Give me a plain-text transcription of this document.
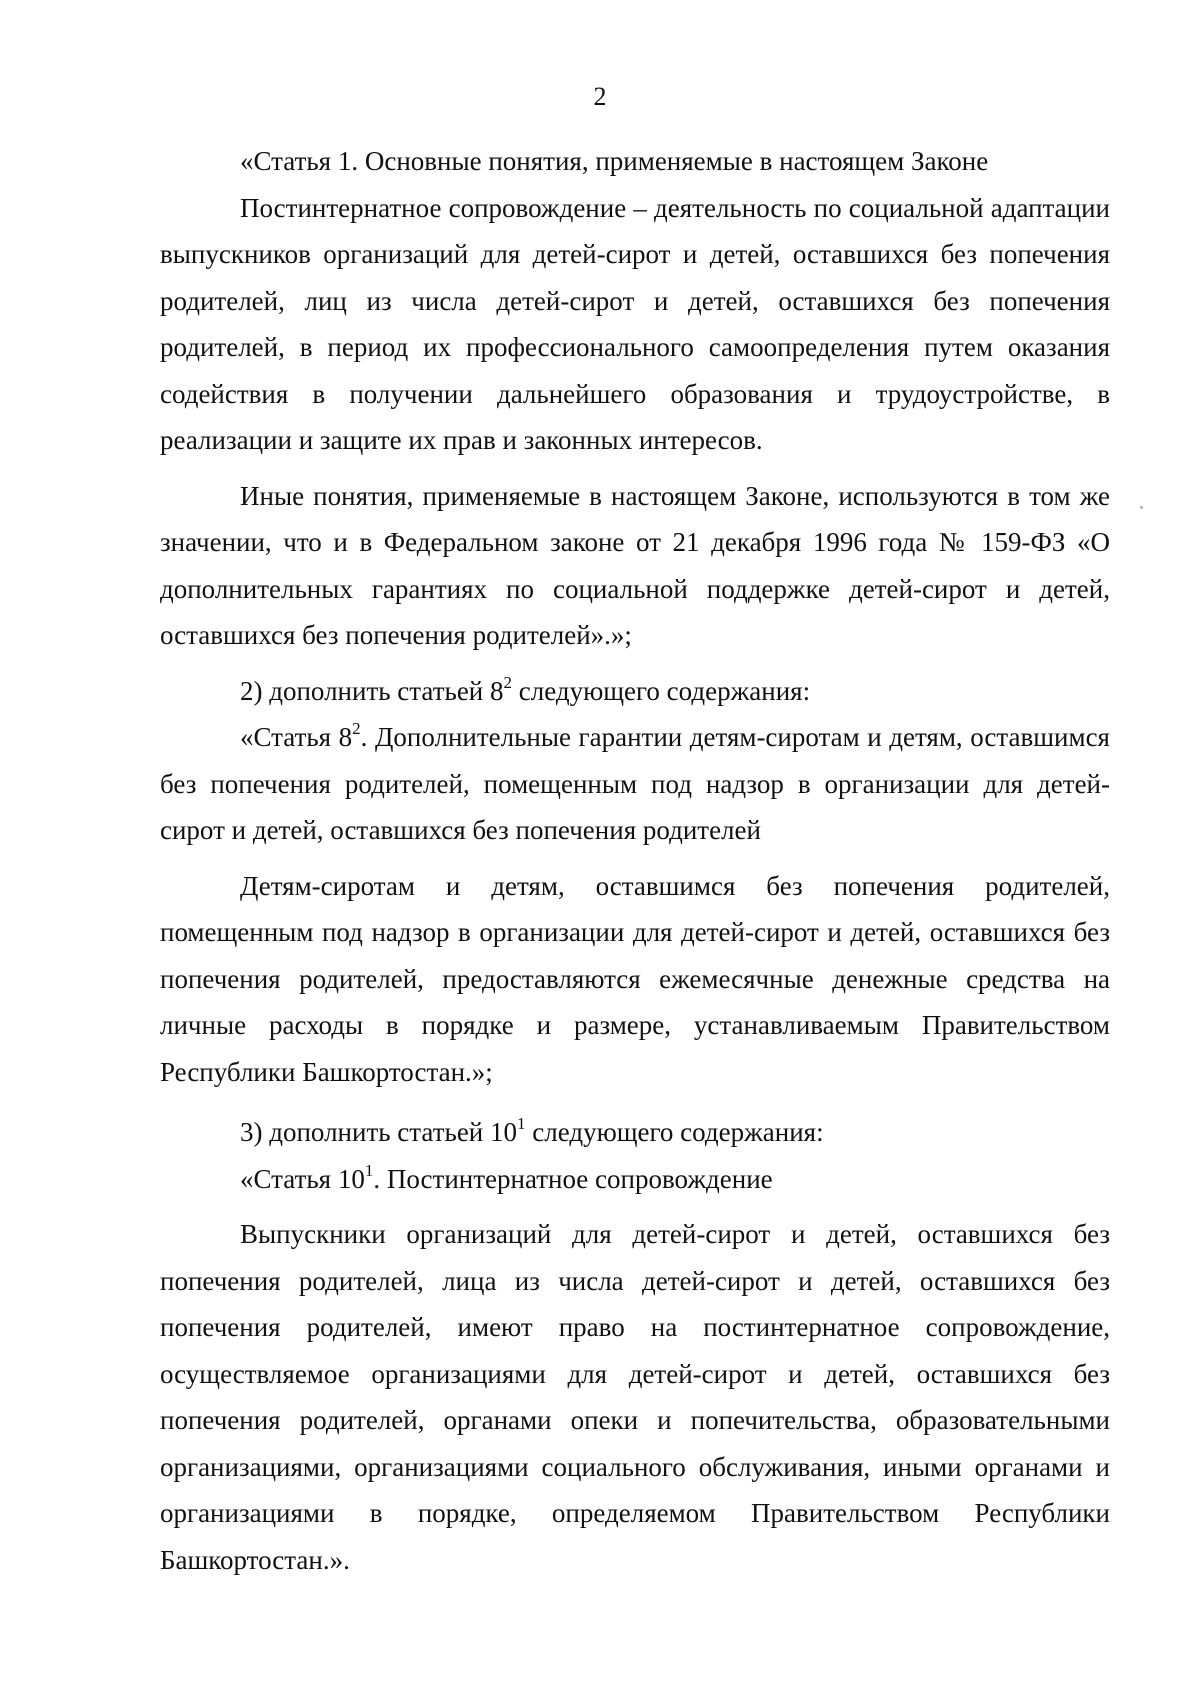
2

«Статья 1. Основные понятия, применяемые в настоящем Законе

Постинтернатное сопровождение – деятельность по социальной адаптации выпускников организаций для детей-сирот и детей, оставшихся без попечения родителей, лиц из числа детей-сирот и детей, оставшихся без попечения родителей, в период их профессионального самоопределения путем оказания содействия в получении дальнейшего образования и трудоустройстве, в реализации и защите их прав и законных интересов.

Иные понятия, применяемые в настоящем Законе, используются в том же значении, что и в Федеральном законе от 21 декабря 1996 года № 159-ФЗ «О дополнительных гарантиях по социальной поддержке детей-сирот и детей, оставшихся без попечения родителей».»;

2) дополнить статьей $8^2$ следующего содержания:

«Статья $8^2$. Дополнительные гарантии детям-сиротам и детям, оставшимся без попечения родителей, помещенным под надзор в организации для детей-сирот и детей, оставшихся без попечения родителей

Детям-сиротам и детям, оставшимся без попечения родителей, помещенным под надзор в организации для детей-сирот и детей, оставшихся без попечения родителей, предоставляются ежемесячные денежные средства на личные расходы в порядке и размере, устанавливаемым Правительством Республики Башкортостан.»;

3) дополнить статьей $10^1$ следующего содержания:

«Статья $10^1$. Постинтернатное сопровождение

Выпускники организаций для детей-сирот и детей, оставшихся без попечения родителей, лица из числа детей-сирот и детей, оставшихся без попечения родителей, имеют право на постинтернатное сопровождение, осуществляемое организациями для детей-сирот и детей, оставшихся без попечения родителей, органами опеки и попечительства, образовательными организациями, организациями социального обслуживания, иными органами и организациями в порядке, определяемом Правительством Республики Башкортостан.».
